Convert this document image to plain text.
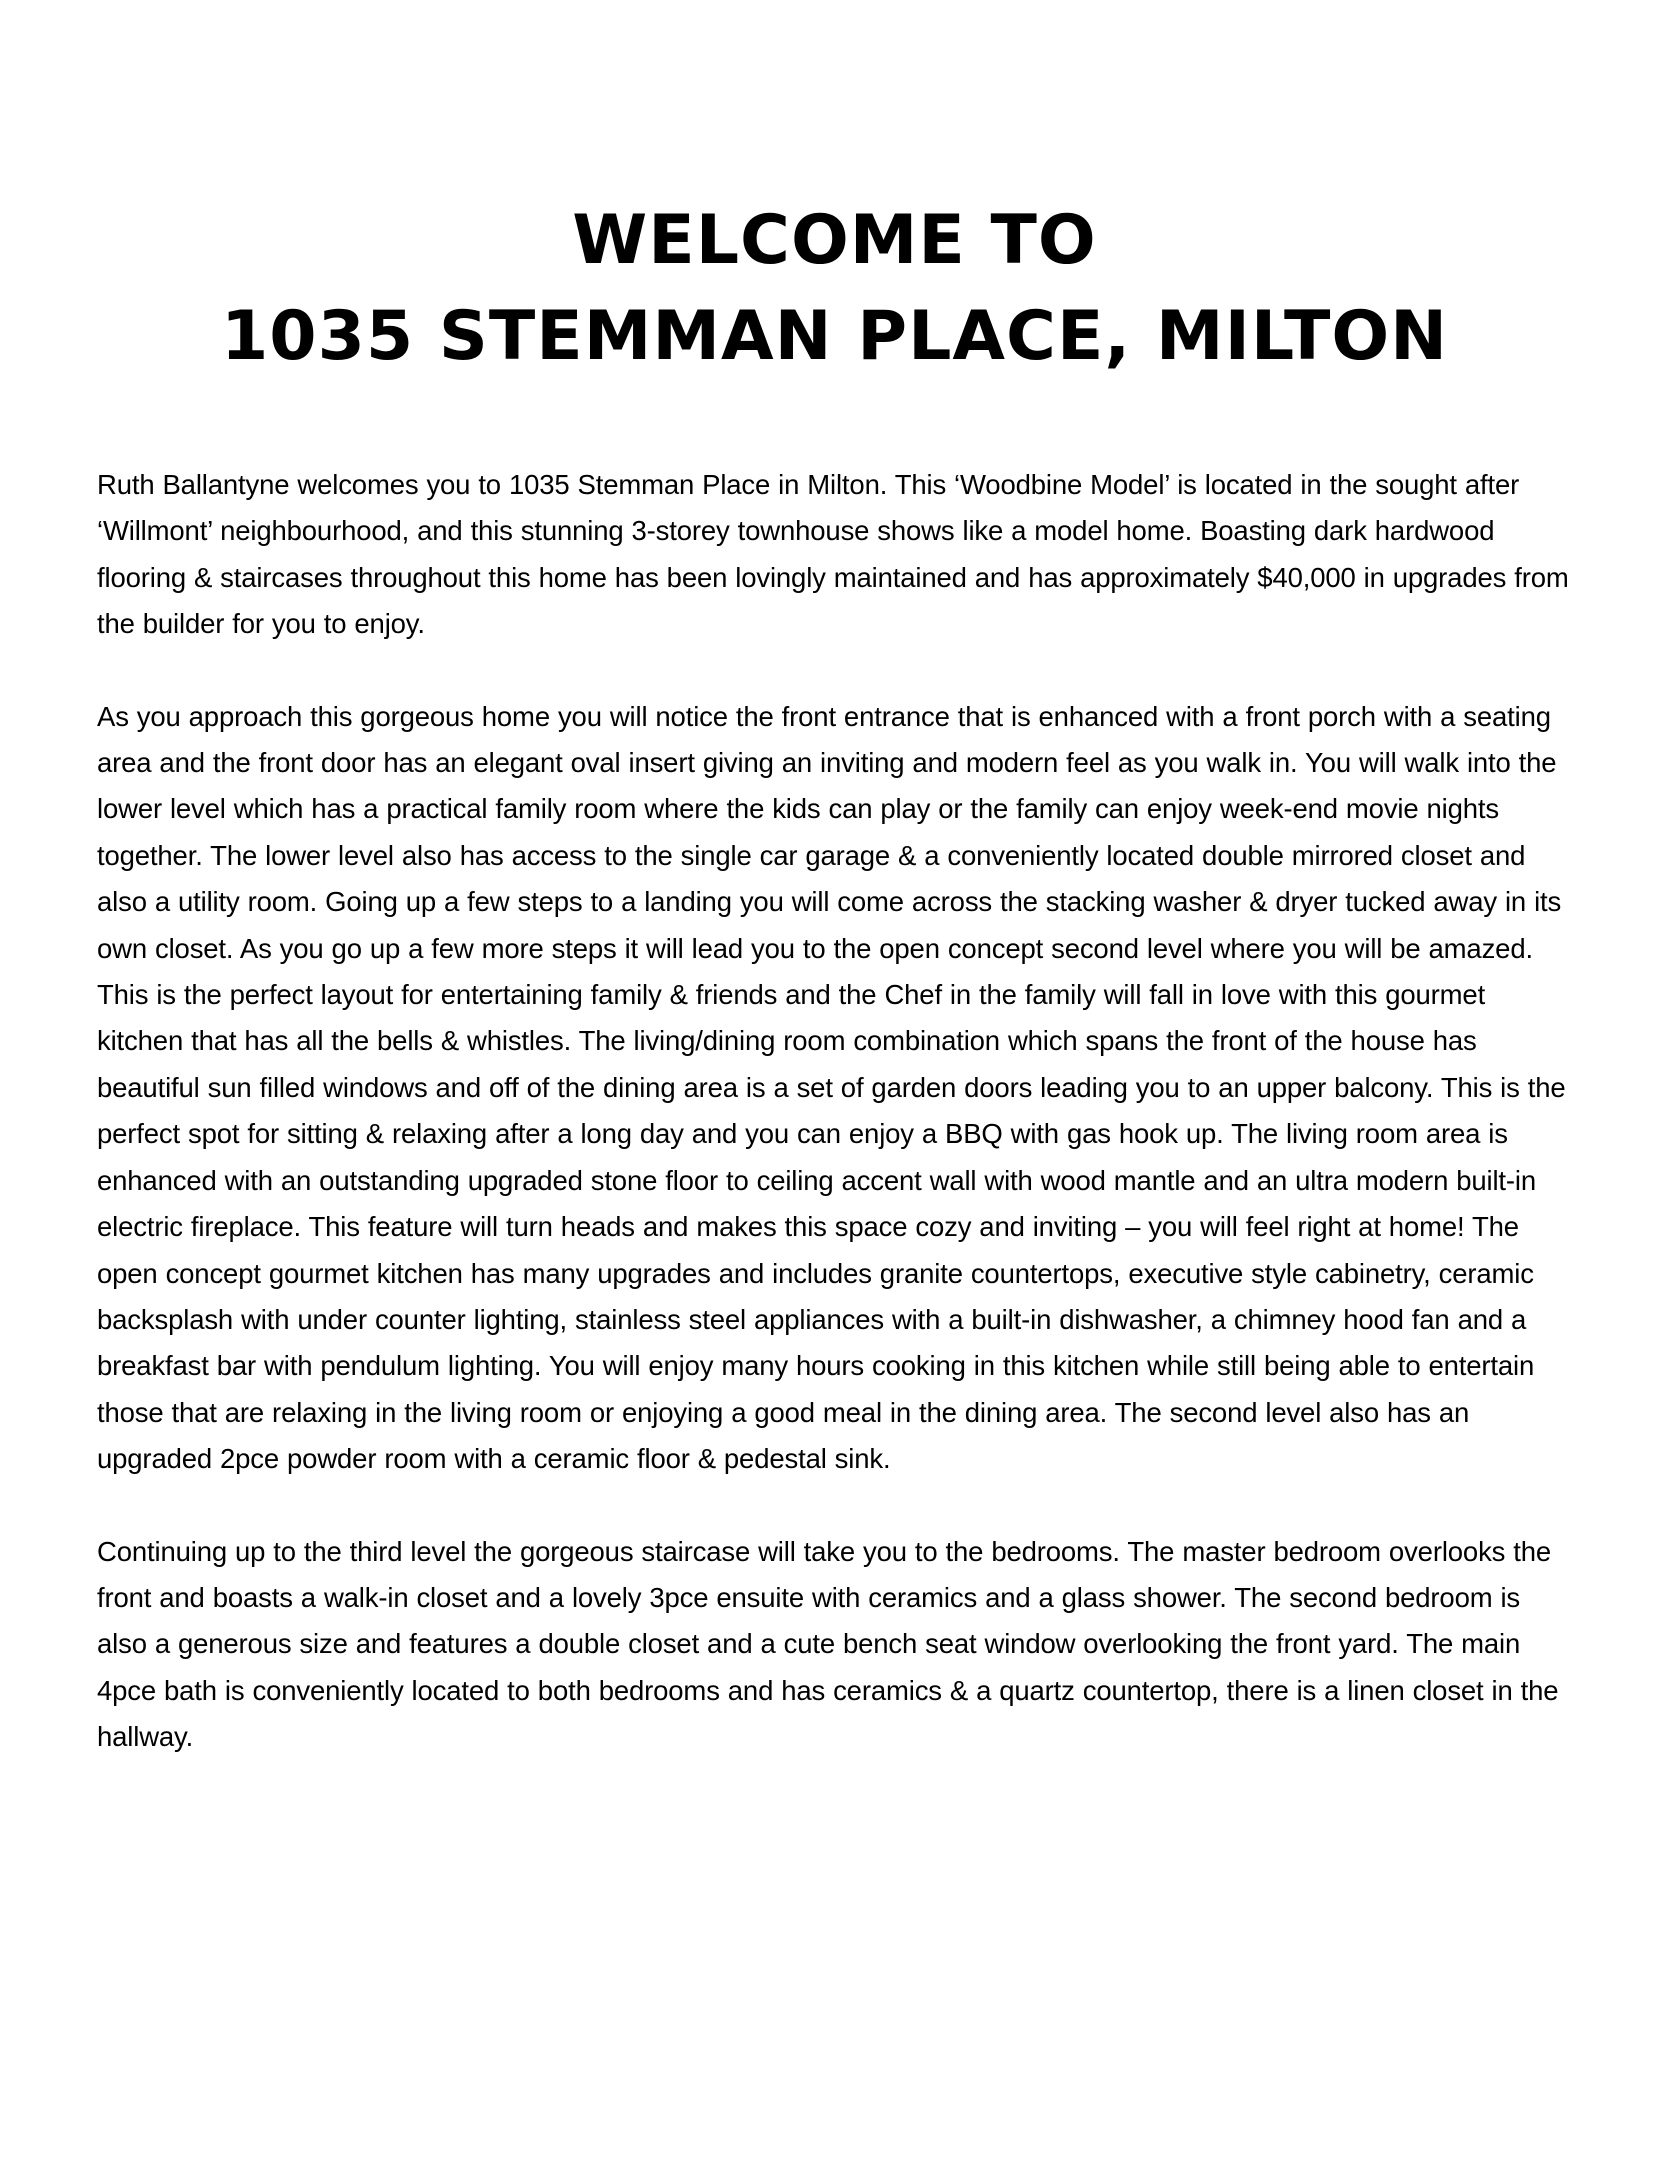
WELCOME TO
1035 STEMMAN PLACE, MILTON

Ruth Ballantyne welcomes you to 1035 Stemman Place in Milton. This ‘Woodbine Model’ is located in the sought after ‘Willmont’ neighbourhood, and this stunning 3-storey townhouse shows like a model home. Boasting dark hardwood flooring & staircases throughout this home has been lovingly maintained and has approximately $40,000 in upgrades from the builder for you to enjoy.

As you approach this gorgeous home you will notice the front entrance that is enhanced with a front porch with a seating area and the front door has an elegant oval insert giving an inviting and modern feel as you walk in. You will walk into the lower level which has a practical family room where the kids can play or the family can enjoy week-end movie nights together. The lower level also has access to the single car garage & a conveniently located double mirrored closet and also a utility room. Going up a few steps to a landing you will come across the stacking washer & dryer tucked away in its own closet. As you go up a few more steps it will lead you to the open concept second level where you will be amazed. This is the perfect layout for entertaining family & friends and the Chef in the family will fall in love with this gourmet kitchen that has all the bells & whistles. The living/dining room combination which spans the front of the house has beautiful sun filled windows and off of the dining area is a set of garden doors leading you to an upper balcony. This is the perfect spot for sitting & relaxing after a long day and you can enjoy a BBQ with gas hook up. The living room area is enhanced with an outstanding upgraded stone floor to ceiling accent wall with wood mantle and an ultra modern built-in electric fireplace. This feature will turn heads and makes this space cozy and inviting – you will feel right at home! The open concept gourmet kitchen has many upgrades and includes granite countertops, executive style cabinetry, ceramic backsplash with under counter lighting, stainless steel appliances with a built-in dishwasher, a chimney hood fan and a breakfast bar with pendulum lighting. You will enjoy many hours cooking in this kitchen while still being able to entertain those that are relaxing in the living room or enjoying a good meal in the dining area. The second level also has an upgraded 2pce powder room with a ceramic floor & pedestal sink.

Continuing up to the third level the gorgeous staircase will take you to the bedrooms. The master bedroom overlooks the front and boasts a walk-in closet and a lovely 3pce ensuite with ceramics and a glass shower. The second bedroom is also a generous size and features a double closet and a cute bench seat window overlooking the front yard. The main 4pce bath is conveniently located to both bedrooms and has ceramics & a quartz countertop, there is a linen closet in the hallway.
